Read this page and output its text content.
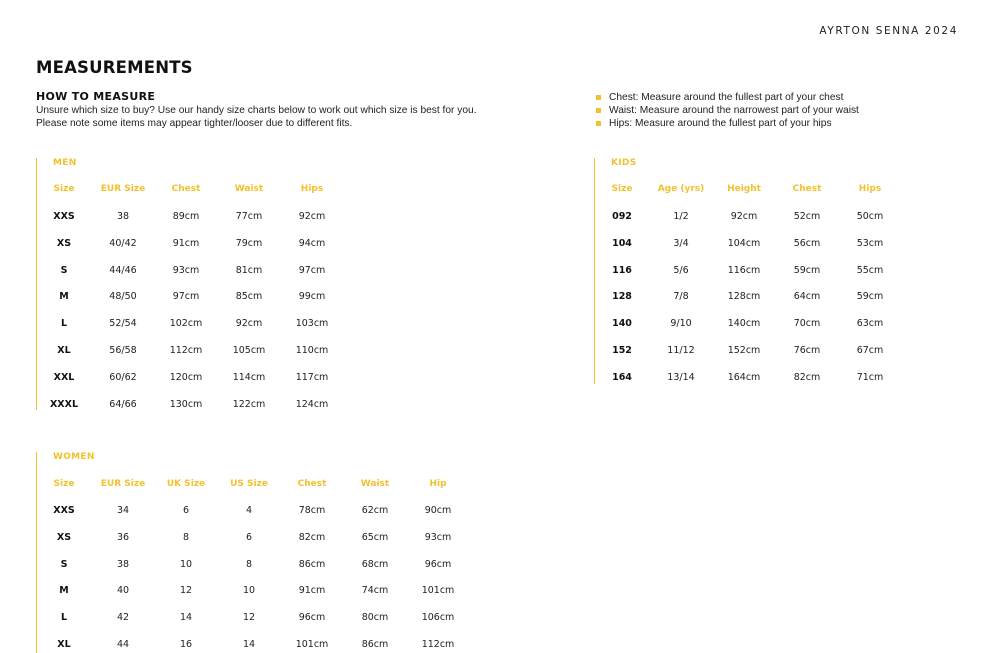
AYRTON SENNA 2024
MEASUREMENTS
HOW TO MEASURE
Unsure which size to buy? Use our handy size charts below to work out which size is best for you.
Please note some items may appear tighter/looser due to different fits.
Chest: Measure around the fullest part of your chest
Waist: Measure around the narrowest part of your waist
Hips: Measure around the fullest part of your hips
MEN
Size	EUR Size	Chest	Waist	Hips
XXS	38	89cm	77cm	92cm
XS	40/42	91cm	79cm	94cm
S	44/46	93cm	81cm	97cm
M	48/50	97cm	85cm	99cm
L	52/54	102cm	92cm	103cm
XL	56/58	112cm	105cm	110cm
XXL	60/62	120cm	114cm	117cm
XXXL	64/66	130cm	122cm	124cm
KIDS
Size	Age (yrs)	Height	Chest	Hips
092	1/2	92cm	52cm	50cm
104	3/4	104cm	56cm	53cm
116	5/6	116cm	59cm	55cm
128	7/8	128cm	64cm	59cm
140	9/10	140cm	70cm	63cm
152	11/12	152cm	76cm	67cm
164	13/14	164cm	82cm	71cm
WOMEN
Size	EUR Size	UK Size	US Size	Chest	Waist	Hip
XXS	34	6	4	78cm	62cm	90cm
XS	36	8	6	82cm	65cm	93cm
S	38	10	8	86cm	68cm	96cm
M	40	12	10	91cm	74cm	101cm
L	42	14	12	96cm	80cm	106cm
XL	44	16	14	101cm	86cm	112cm
